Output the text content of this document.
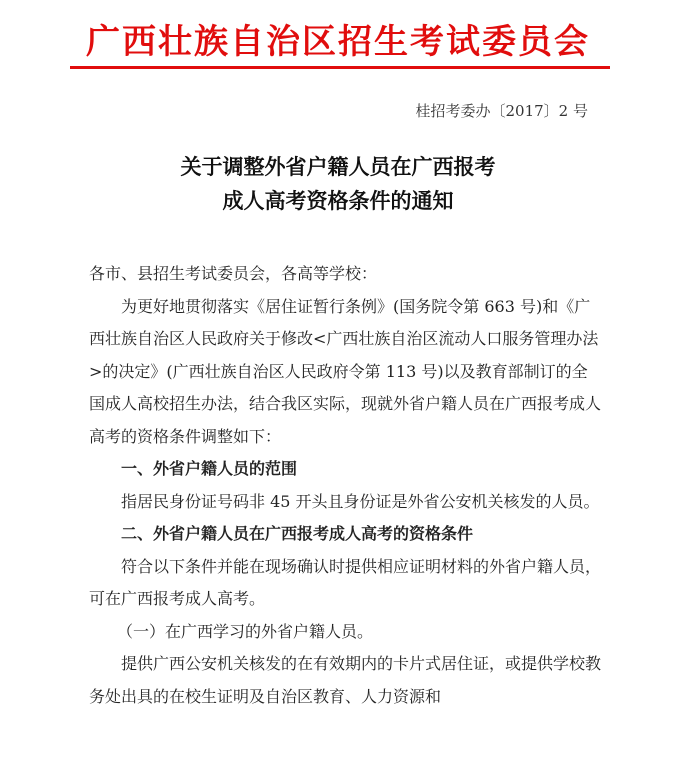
广西壮族自治区招生考试委员会
桂招考委办〔2017〕2 号
关于调整外省户籍人员在广西报考
成人高考资格条件的通知

各市、县招生考试委员会，各高等学校：

为更好地贯彻落实《居住证暂行条例》(国务院令第 663 号)和《广西壮族自治区人民政府关于修改<广西壮族自治区流动人口服务管理办法>的决定》(广西壮族自治区人民政府令第 113 号)以及教育部制订的全国成人高校招生办法，结合我区实际，现就外省户籍人员在广西报考成人高考的资格条件调整如下：

一、外省户籍人员的范围

指居民身份证号码非 45 开头且身份证是外省公安机关核发的人员。

二、外省户籍人员在广西报考成人高考的资格条件

符合以下条件并能在现场确认时提供相应证明材料的外省户籍人员，可在广西报考成人高考。

（一）在广西学习的外省户籍人员。

提供广西公安机关核发的在有效期内的卡片式居住证，或提供学校教务处出具的在校生证明及自治区教育、人力资源和
